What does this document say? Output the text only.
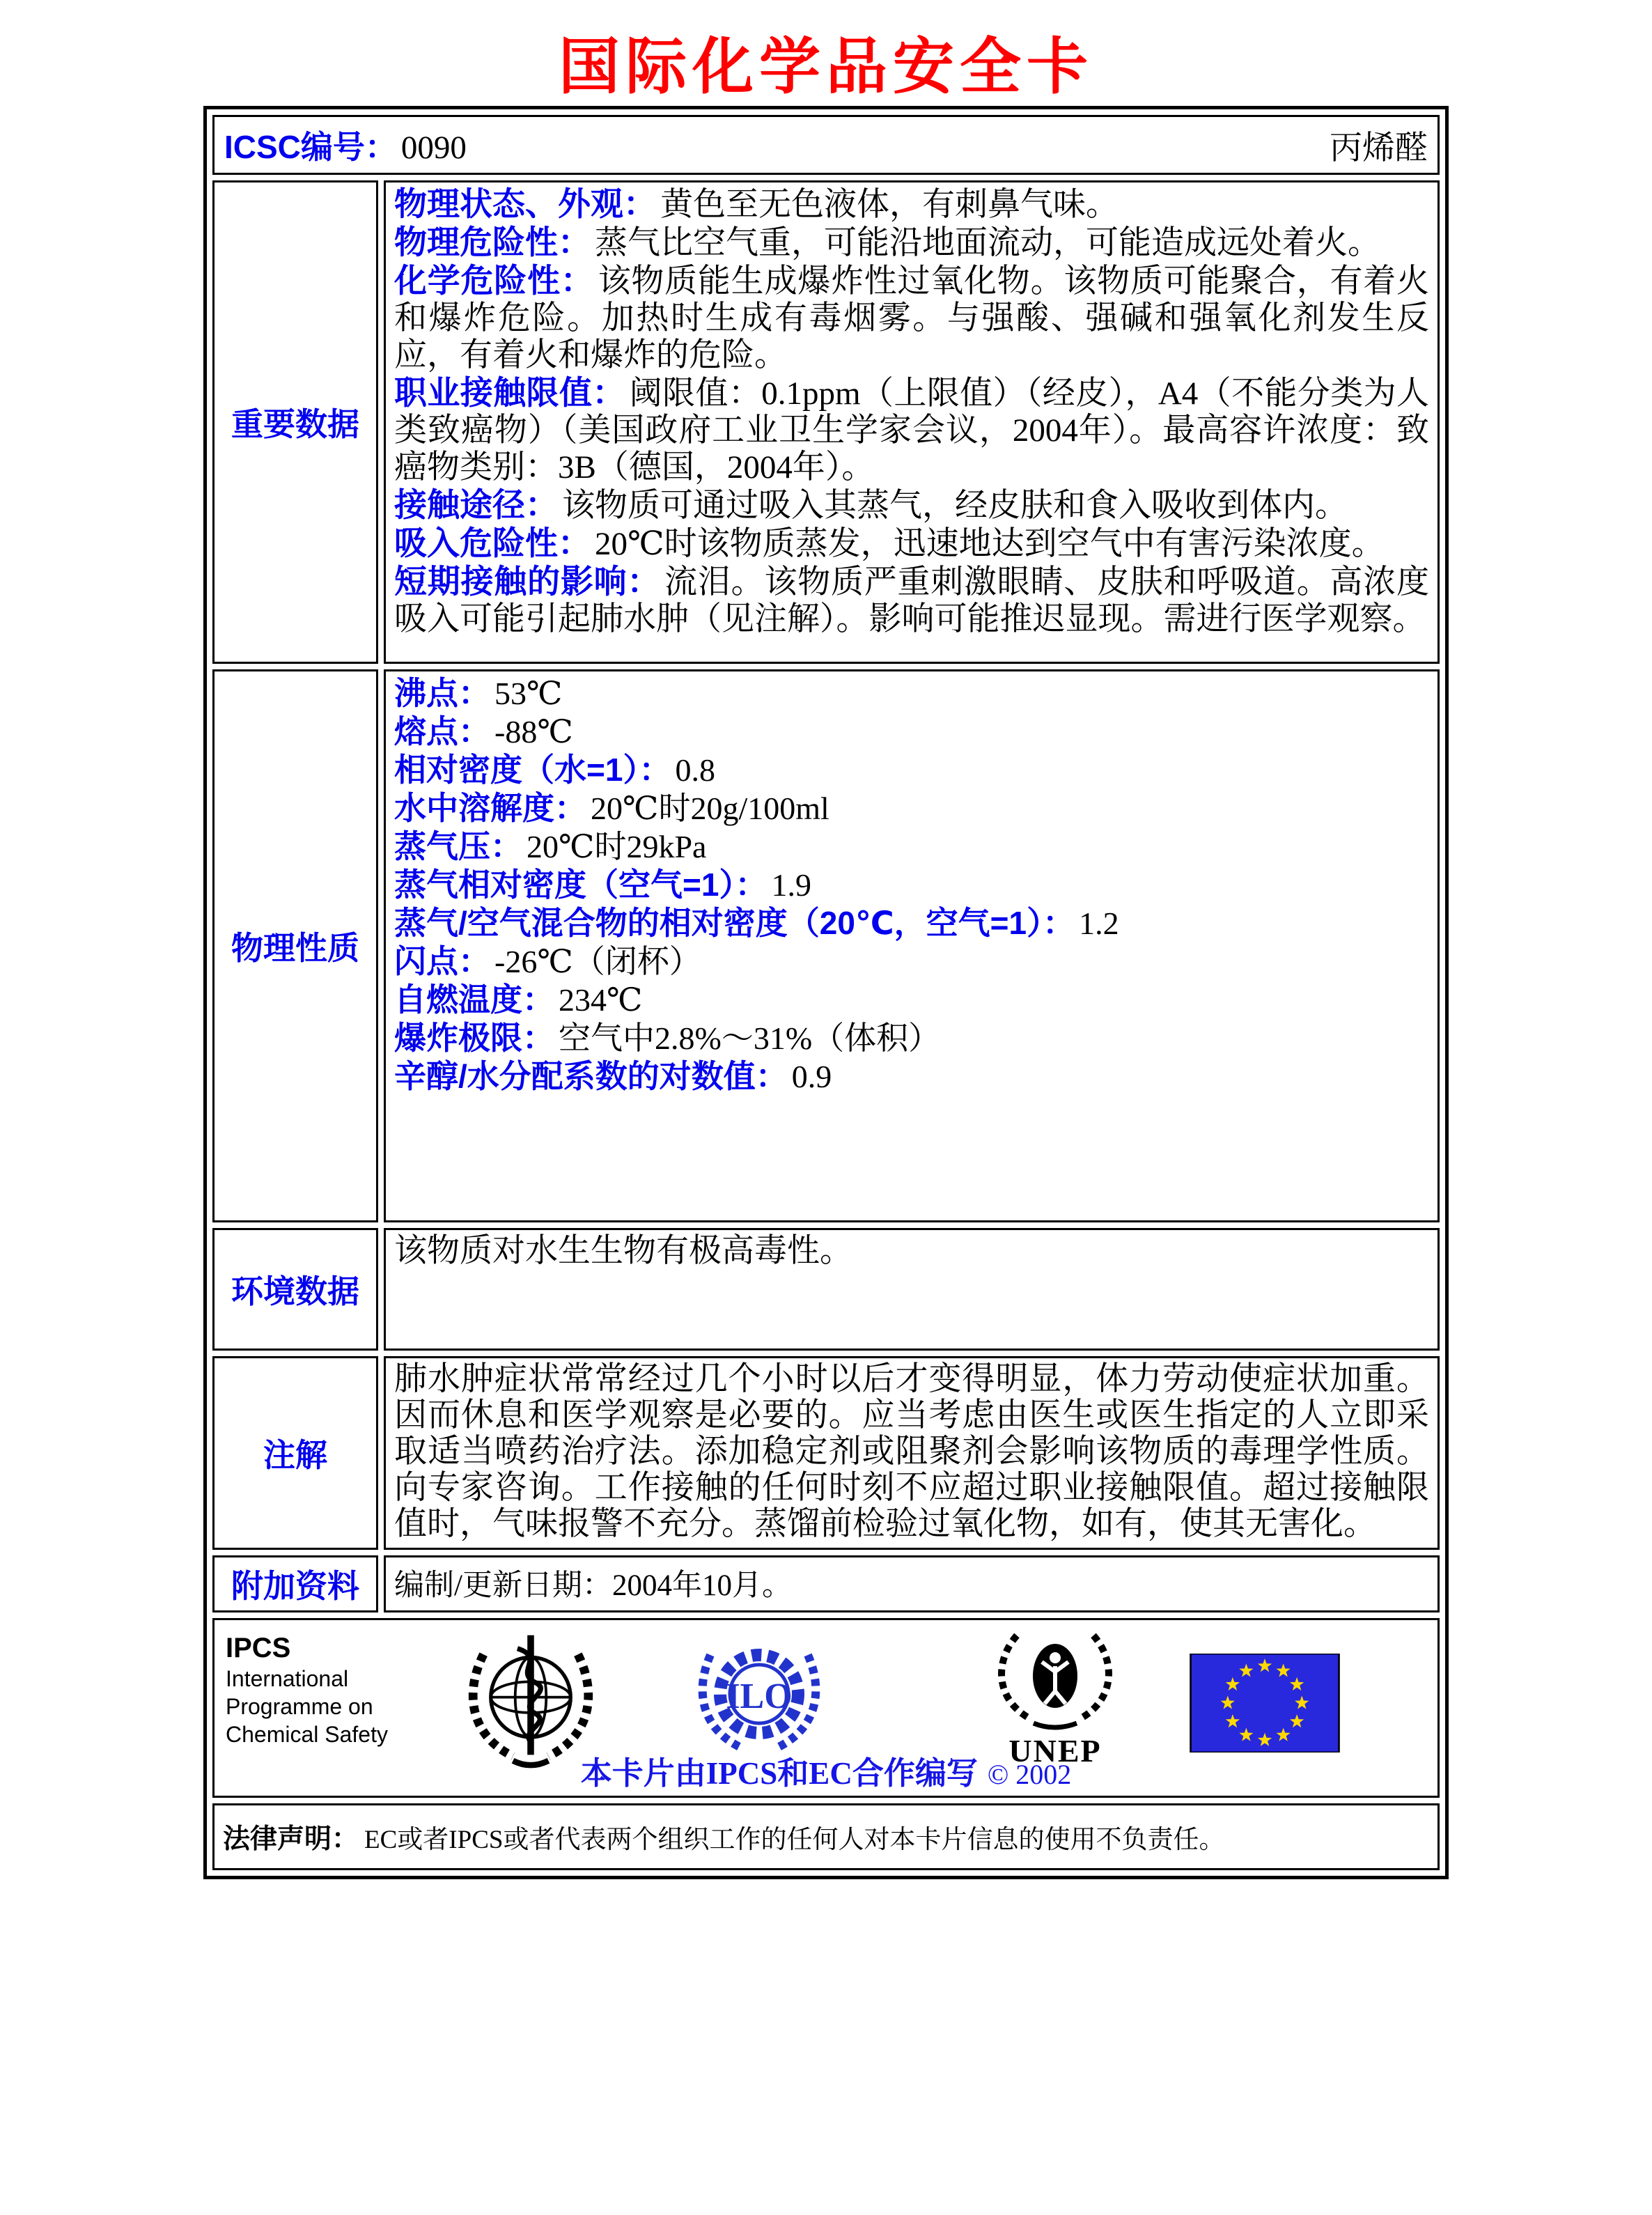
国际化学品安全卡
ICSC编号： 0090	丙烯醛
重要数据
物理状态、外观： 黄色至无色液体，有刺鼻气味。
物理危险性： 蒸气比空气重，可能沿地面流动，可能造成远处着火。
化学危险性： 该物质能生成爆炸性过氧化物。该物质可能聚合，有着火和爆炸危险。加热时生成有毒烟雾。与强酸、强碱和强氧化剂发生反应，有着火和爆炸的危险。
职业接触限值： 阈限值：0.1ppm（上限值）（经皮），A4（不能分类为人类致癌物）（美国政府工业卫生学家会议，2004年）。最高容许浓度：致癌物类别：3B（德国，2004年）。
接触途径： 该物质可通过吸入其蒸气，经皮肤和食入吸收到体内。
吸入危险性： 20℃时该物质蒸发，迅速地达到空气中有害污染浓度。
短期接触的影响： 流泪。该物质严重刺激眼睛、皮肤和呼吸道。高浓度吸入可能引起肺水肿（见注解）。影响可能推迟显现。需进行医学观察。
物理性质
沸点： 53℃
熔点： -88℃
相对密度（水=1）： 0.8
水中溶解度： 20℃时20g/100ml
蒸气压： 20℃时29kPa
蒸气相对密度（空气=1）： 1.9
蒸气/空气混合物的相对密度（20℃，空气=1）： 1.2
闪点： -26℃（闭杯）
自燃温度： 234℃
爆炸极限： 空气中2.8%～31%（体积）
辛醇/水分配系数的对数值： 0.9
环境数据
该物质对水生生物有极高毒性。
注解
肺水肿症状常常经过几个小时以后才变得明显，体力劳动使症状加重。因而休息和医学观察是必要的。应当考虑由医生或医生指定的人立即采取适当喷药治疗法。添加稳定剂或阻聚剂会影响该物质的毒理学性质。向专家咨询。工作接触的任何时刻不应超过职业接触限值。超过接触限值时，气味报警不充分。蒸馏前检验过氧化物，如有，使其无害化。
附加资料 编制/更新日期：2004年10月。
IPCS
International
Programme on
Chemical Safety
ILO
UNEP
本卡片由IPCS和EC合作编写 © 2002
法律声明： EC或者IPCS或者代表两个组织工作的任何人对本卡片信息的使用不负责任。
